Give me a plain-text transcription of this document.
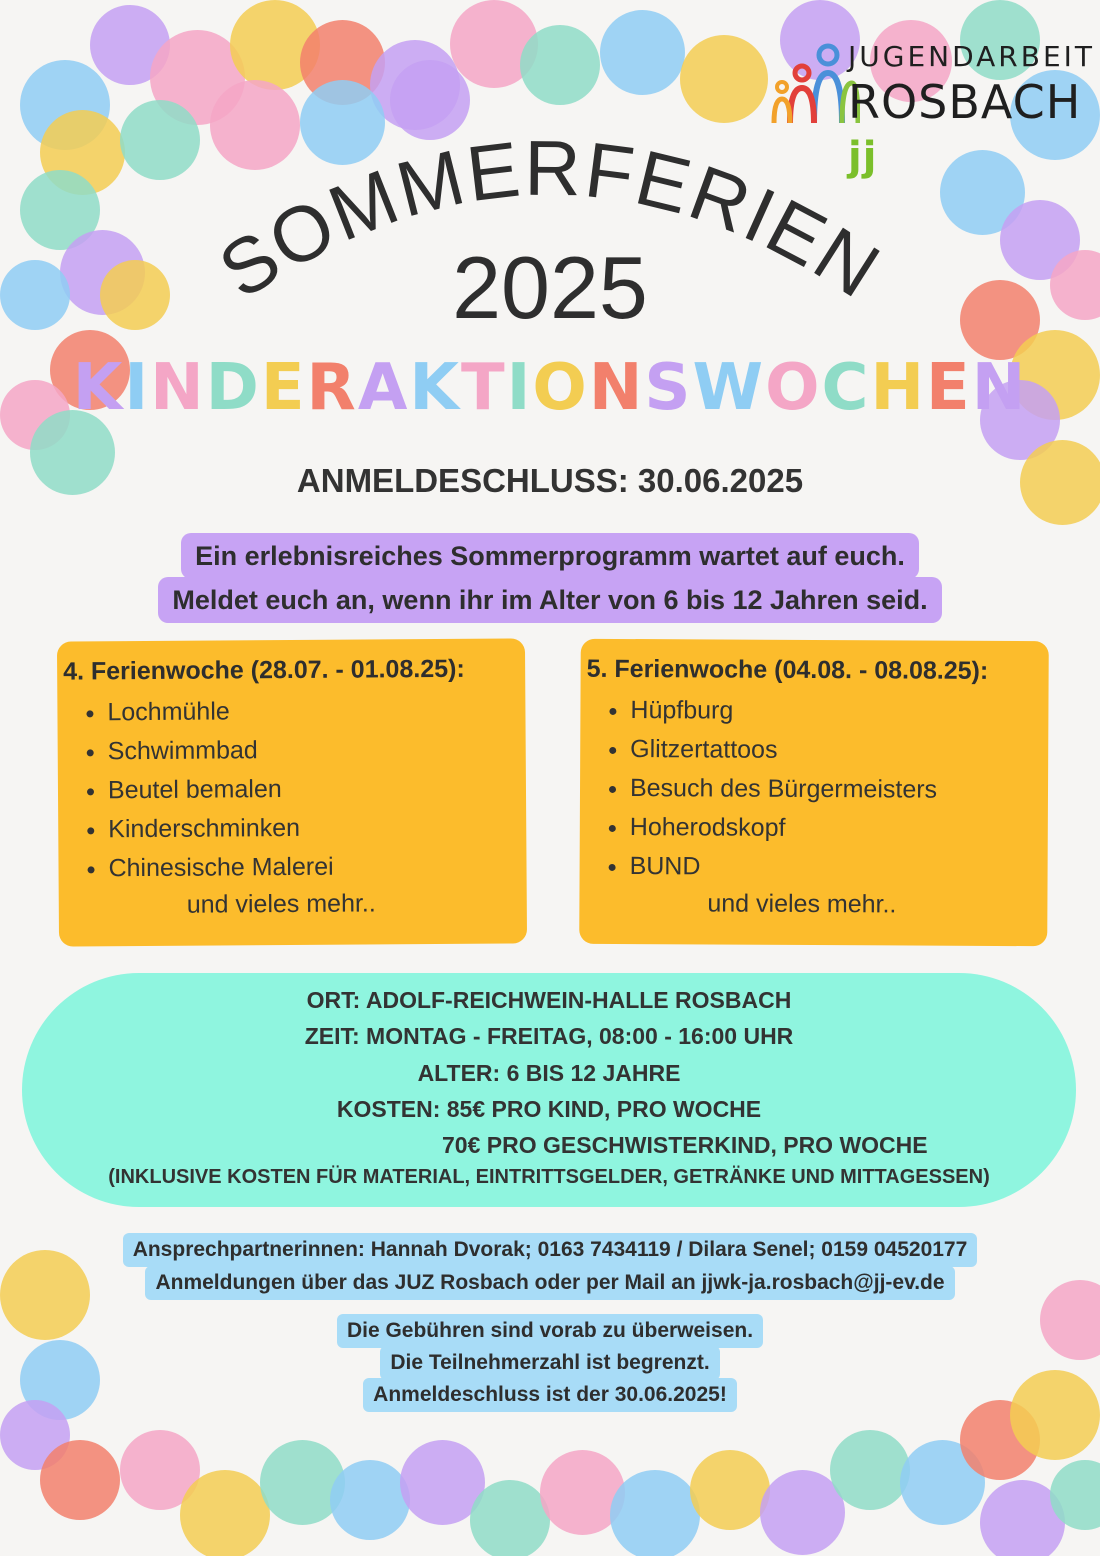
JUGENDARBEIT
ROSBACH jj
SOMMERFERIEN
2025
KINDERAKTIONSWOCHEN
ANMELDESCHLUSS: 30.06.2025
Ein erlebnisreiches Sommerprogramm wartet auf euch.
Meldet euch an, wenn ihr im Alter von 6 bis 12 Jahren seid.
4. Ferienwoche (28.07. - 01.08.25):
• Lochmühle
• Schwimmbad
• Beutel bemalen
• Kinderschminken
• Chinesische Malerei
und vieles mehr..
5. Ferienwoche (04.08. - 08.08.25):
• Hüpfburg
• Glitzertattoos
• Besuch des Bürgermeisters
• Hoherodskopf
• BUND
und vieles mehr..
ORT: ADOLF-REICHWEIN-HALLE ROSBACH
ZEIT: MONTAG - FREITAG, 08:00 - 16:00 UHR
ALTER: 6 BIS 12 JAHRE
KOSTEN: 85€ PRO KIND, PRO WOCHE
70€ PRO GESCHWISTERKIND, PRO WOCHE
(INKLUSIVE KOSTEN FÜR MATERIAL, EINTRITTSGELDER, GETRÄNKE UND MITTAGESSEN)
Ansprechpartnerinnen: Hannah Dvorak; 0163 7434119 / Dilara Senel; 0159 04520177
Anmeldungen über das JUZ Rosbach oder per Mail an jjwk-ja.rosbach@jj-ev.de
Die Gebühren sind vorab zu überweisen.
Die Teilnehmerzahl ist begrenzt.
Anmeldeschluss ist der 30.06.2025!
